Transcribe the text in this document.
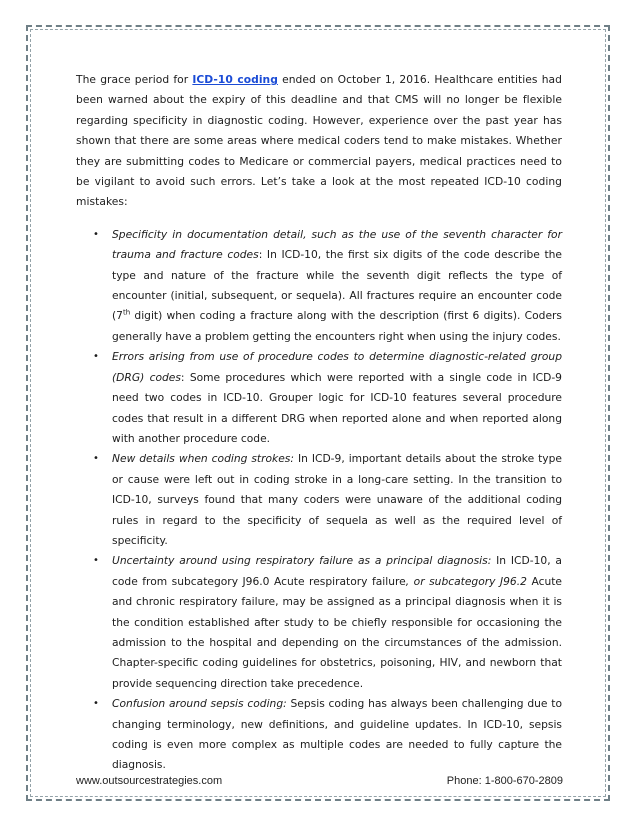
The grace period for ICD-10 coding ended on October 1, 2016. Healthcare entities had been warned about the expiry of this deadline and that CMS will no longer be flexible regarding specificity in diagnostic coding. However, experience over the past year has shown that there are some areas where medical coders tend to make mistakes. Whether they are submitting codes to Medicare or commercial payers, medical practices need to be vigilant to avoid such errors. Let’s take a look at the most repeated ICD-10 coding mistakes:

• Specificity in documentation detail, such as the use of the seventh character for trauma and fracture codes: In ICD-10, the first six digits of the code describe the type and nature of the fracture while the seventh digit reflects the type of encounter (initial, subsequent, or sequela). All fractures require an encounter code (7th digit) when coding a fracture along with the description (first 6 digits). Coders generally have a problem getting the encounters right when using the injury codes.
• Errors arising from use of procedure codes to determine diagnostic-related group (DRG) codes: Some procedures which were reported with a single code in ICD-9 need two codes in ICD-10. Grouper logic for ICD-10 features several procedure codes that result in a different DRG when reported alone and when reported along with another procedure code.
• New details when coding strokes: In ICD-9, important details about the stroke type or cause were left out in coding stroke in a long-care setting. In the transition to ICD-10, surveys found that many coders were unaware of the additional coding rules in regard to the specificity of sequela as well as the required level of specificity.
• Uncertainty around using respiratory failure as a principal diagnosis: In ICD-10, a code from subcategory J96.0 Acute respiratory failure, or subcategory J96.2 Acute and chronic respiratory failure, may be assigned as a principal diagnosis when it is the condition established after study to be chiefly responsible for occasioning the admission to the hospital and depending on the circumstances of the admission. Chapter-specific coding guidelines for obstetrics, poisoning, HIV, and newborn that provide sequencing direction take precedence.
• Confusion around sepsis coding: Sepsis coding has always been challenging due to changing terminology, new definitions, and guideline updates. In ICD-10, sepsis coding is even more complex as multiple codes are needed to fully capture the diagnosis.
www.outsourcestrategies.com	Phone: 1-800-670-2809
